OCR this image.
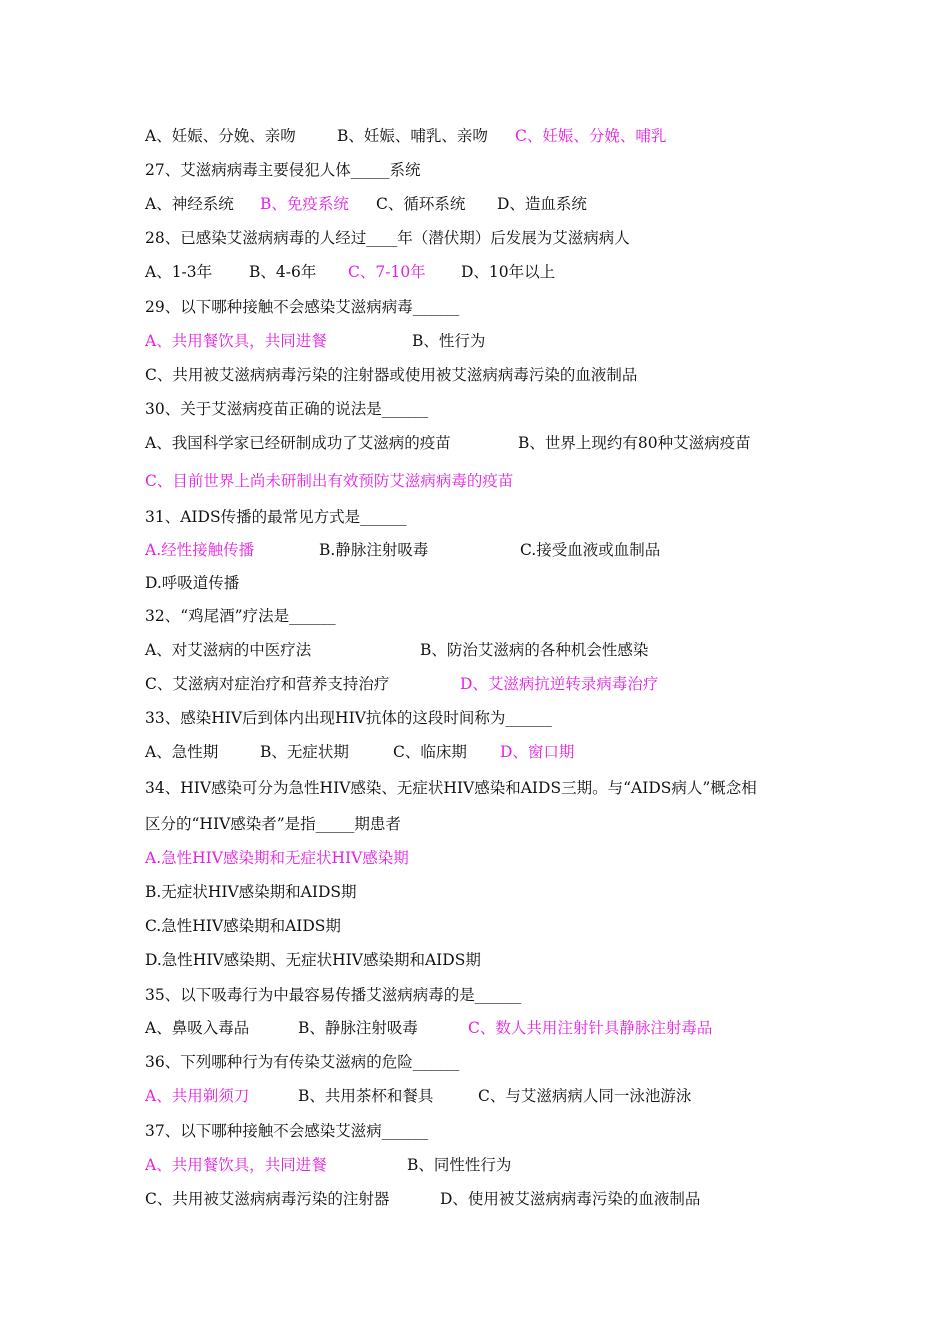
A、妊娠、分娩、亲吻	B、妊娠、哺乳、亲吻 C、妊娠、分娩、哺乳
27、艾滋病病毒主要侵犯人体_____系统
A、神经系统 B、免疫系统 C、循环系统 D、造血系统
28、已感染艾滋病病毒的人经过____年（潜伏期）后发展为艾滋病病人
A、1-3年 B、4-6年 C、7-10年 D、10年以上
29、以下哪种接触不会感染艾滋病病毒______
A、共用餐饮具，共同进餐	B、性行为
C、共用被艾滋病病毒污染的注射器或使用被艾滋病病毒污染的血液制品
30、关于艾滋病疫苗正确的说法是______
A、我国科学家已经研制成功了艾滋病的疫苗	B、世界上现约有80种艾滋病疫苗
C、目前世界上尚未研制出有效预防艾滋病病毒的疫苗
31、AIDS传播的最常见方式是______
A.经性接触传播	B.静脉注射吸毒	C.接受血液或血制品
D.呼吸道传播
32、“鸡尾酒”疗法是______
A、对艾滋病的中医疗法	B、防治艾滋病的各种机会性感染
C、艾滋病对症治疗和营养支持治疗	D、艾滋病抗逆转录病毒治疗
33、感染HIV后到体内出现HIV抗体的这段时间称为______
A、急性期	B、无症状期	C、临床期 D、窗口期
34、HIV感染可分为急性HIV感染、无症状HIV感染和AIDS三期。与“AIDS病人”概念相
区分的“HIV感染者”是指_____期患者
A.急性HIV感染期和无症状HIV感染期
B.无症状HIV感染期和AIDS期
C.急性HIV感染期和AIDS期
D.急性HIV感染期、无症状HIV感染期和AIDS期
35、以下吸毒行为中最容易传播艾滋病病毒的是______
A、鼻吸入毒品	B、静脉注射吸毒	C、数人共用注射针具静脉注射毒品
36、下列哪种行为有传染艾滋病的危险______
A、共用剃须刀	B、共用茶杯和餐具	C、与艾滋病病人同一泳池游泳
37、以下哪种接触不会感染艾滋病______
A、共用餐饮具，共同进餐	B、同性性行为
C、共用被艾滋病病毒污染的注射器	D、使用被艾滋病病毒污染的血液制品
